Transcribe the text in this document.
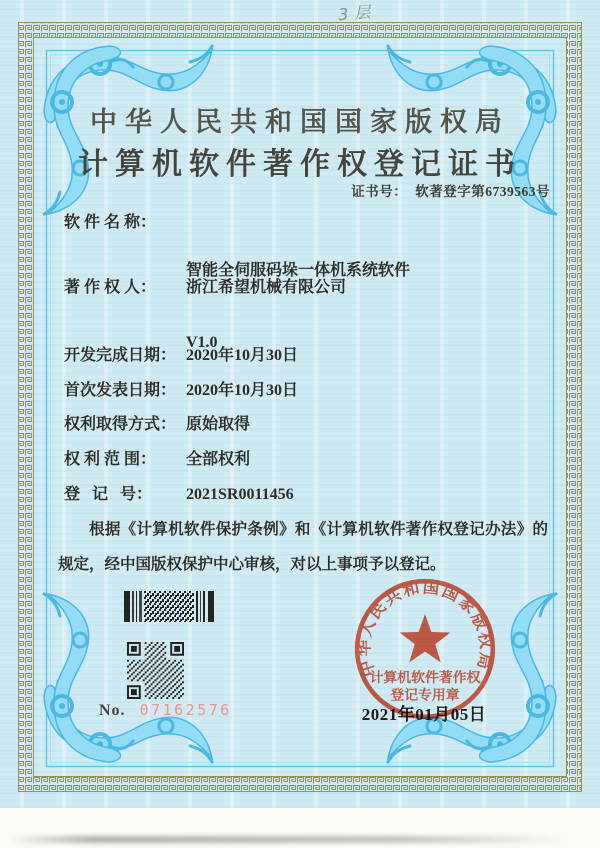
3层
中华人民共和国国家版权局
计算机软件著作权登记证书
证书号： 软著登字第6739563号
软 件 名 称：

智能全伺服码垛一体机系统软件

V1.0

著 作 权 人：	浙江希望机械有限公司
开发完成日期： 2020年10月30日
首次发表日期： 2020年10月30日
权利取得方式： 原始取得
权 利 范 围：	全部权利
登   记   号：	2021SR0011456
根据《计算机软件保护条例》和《计算机软件著作权登记办法》的规定，经中国版权保护中心审核，对以上事项予以登记。
No. 07162576	2021年01月05日
中华人民共和国国家版权局
计算机软件著作权
登记专用章
